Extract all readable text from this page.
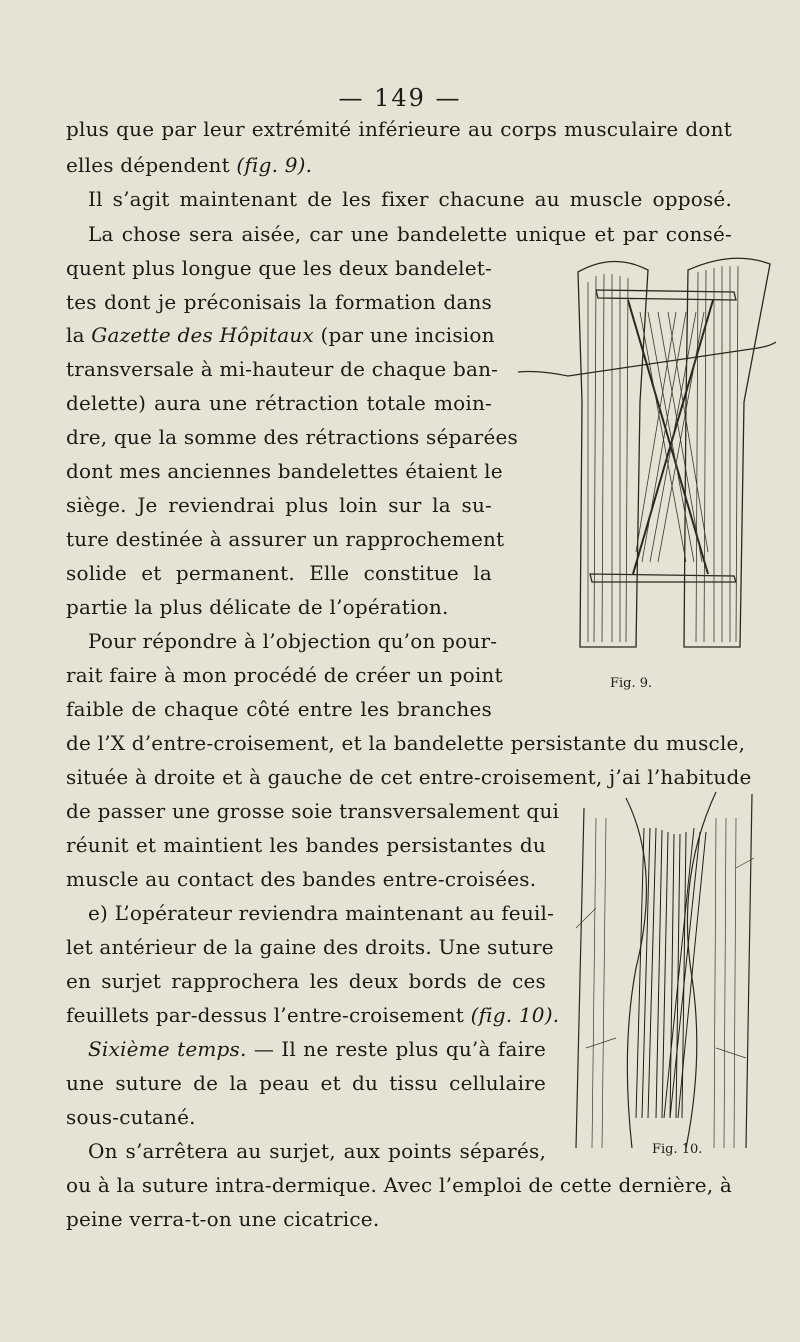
— 149 —
plus que par leur extrémité inférieure au corps musculaire dont
elles dépendent (fig. 9).
Il s’agit maintenant de les fixer chacune au muscle opposé.
La chose sera aisée, car une bandelette unique et par consé-
quent plus longue que les deux bandelet-
tes dont je préconisais la formation dans
la Gazette des Hôpitaux (par une incision
transversale à mi-hauteur de chaque ban-
delette) aura une rétraction totale moin-
dre, que la somme des rétractions séparées
dont mes anciennes bandelettes étaient le
siège. Je reviendrai plus loin sur la su-
ture destinée à assurer un rapprochement
solide et permanent. Elle constitue la
partie la plus délicate de l’opération.
Pour répondre à l’objection qu’on pour-
rait faire à mon procédé de créer un point
faible de chaque côté entre les branches
de l’X d’entre-croisement, et la bandelette persistante du muscle,
située à droite et à gauche de cet entre-croisement, j’ai l’habitude
de passer une grosse soie transversalement qui
réunit et maintient les bandes persistantes du
muscle au contact des bandes entre-croisées.
e) L’opérateur reviendra maintenant au feuil-
let antérieur de la gaine des droits. Une suture
en surjet rapprochera les deux bords de ces
feuillets par-dessus l’entre-croisement (fig. 10).
Sixième temps. — Il ne reste plus qu’à faire
une suture de la peau et du tissu cellulaire
sous-cutané.
On s’arrêtera au surjet, aux points séparés,
ou à la suture intra-dermique. Avec l’emploi de cette dernière, à
peine verra-t-on une cicatrice.
Fig. 9.
Fig. 10.
